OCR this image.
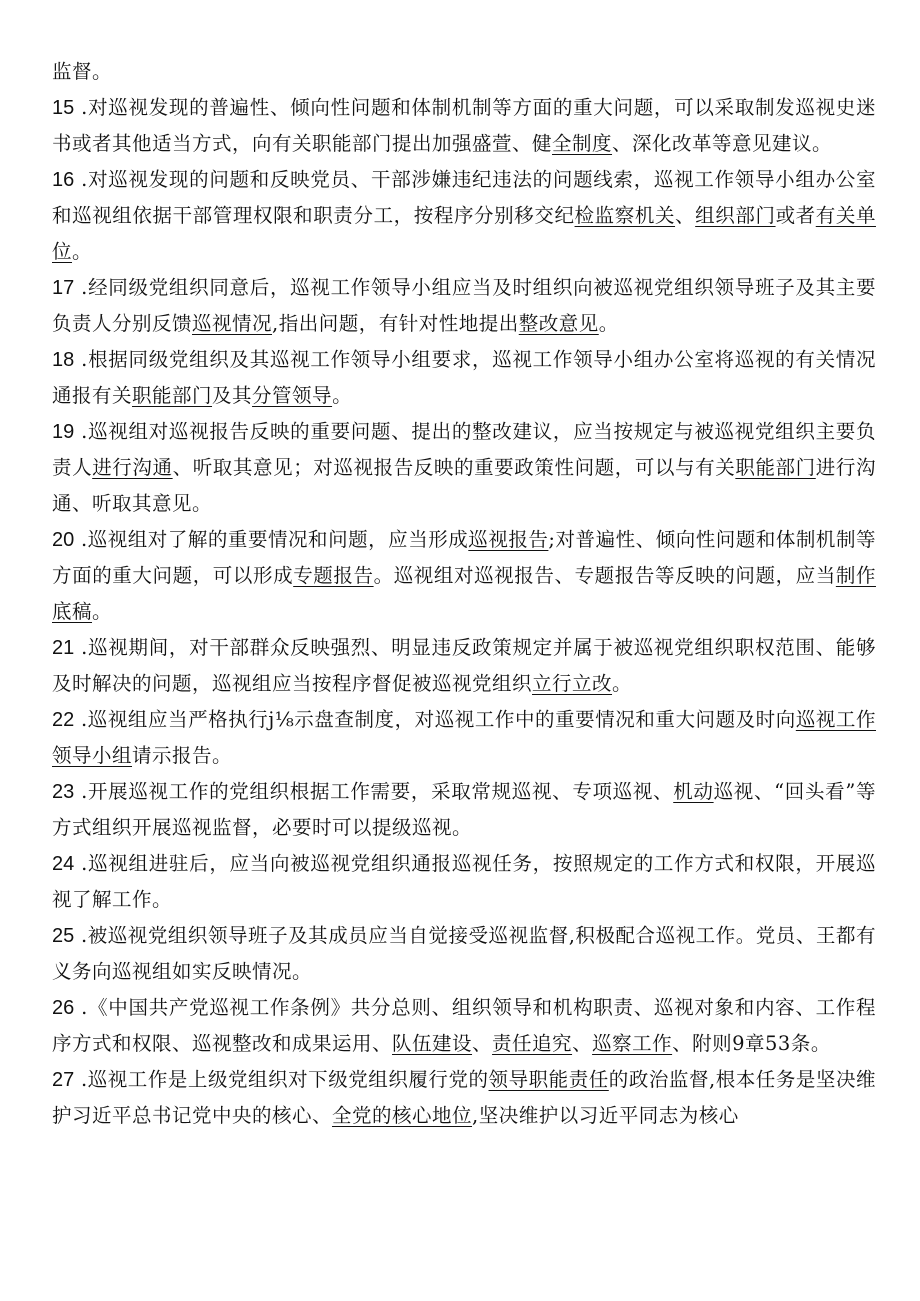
监督。

15 .对巡视发现的普遍性、倾向性问题和体制机制等方面的重大问题，可以采取制发巡视史迷书或者其他适当方式，向有关职能部门提出加强盛萱、健全制度、深化改革等意见建议。

16 .对巡视发现的问题和反映党员、干部涉嫌违纪违法的问题线索，巡视工作领导小组办公室和巡视组依据干部管理权限和职责分工，按程序分别移交纪检监察机关、组织部门或者有关单位。

17 .经同级党组织同意后，巡视工作领导小组应当及时组织向被巡视党组织领导班子及其主要负责人分别反馈巡视情况,指出问题，有针对性地提出整改意见。

18 .根据同级党组织及其巡视工作领导小组要求，巡视工作领导小组办公室将巡视的有关情况通报有关职能部门及其分管领导。

19 .巡视组对巡视报告反映的重要问题、提出的整改建议，应当按规定与被巡视党组织主要负责人进行沟通、听取其意见；对巡视报告反映的重要政策性问题，可以与有关职能部门进行沟通、听取其意见。

20 .巡视组对了解的重要情况和问题，应当形成巡视报告;对普遍性、倾向性问题和体制机制等方面的重大问题，可以形成专题报告。巡视组对巡视报告、专题报告等反映的问题，应当制作底稿。

21 .巡视期间，对干部群众反映强烈、明显违反政策规定并属于被巡视党组织职权范围、能够及时解决的问题，巡视组应当按程序督促被巡视党组织立行立改。

22 .巡视组应当严格执行j⅛示盘查制度，对巡视工作中的重要情况和重大问题及时向巡视工作领导小组请示报告。

23 .开展巡视工作的党组织根据工作需要，采取常规巡视、专项巡视、机动巡视、“回头看”等方式组织开展巡视监督，必要时可以提级巡视。

24 .巡视组进驻后，应当向被巡视党组织通报巡视任务，按照规定的工作方式和权限，开展巡视了解工作。

25 .被巡视党组织领导班子及其成员应当自觉接受巡视监督,积极配合巡视工作。党员、王都有义务向巡视组如实反映情况。

26 .《中国共产党巡视工作条例》共分总则、组织领导和机构职责、巡视对象和内容、工作程序方式和权限、巡视整改和成果运用、队伍建设、责任追究、巡察工作、附则9章53条。

27 .巡视工作是上级党组织对下级党组织履行党的领导职能责任的政治监督,根本任务是坚决维护习近平总书记党中央的核心、全党的核心地位,坚决维护以习近平同志为核心
